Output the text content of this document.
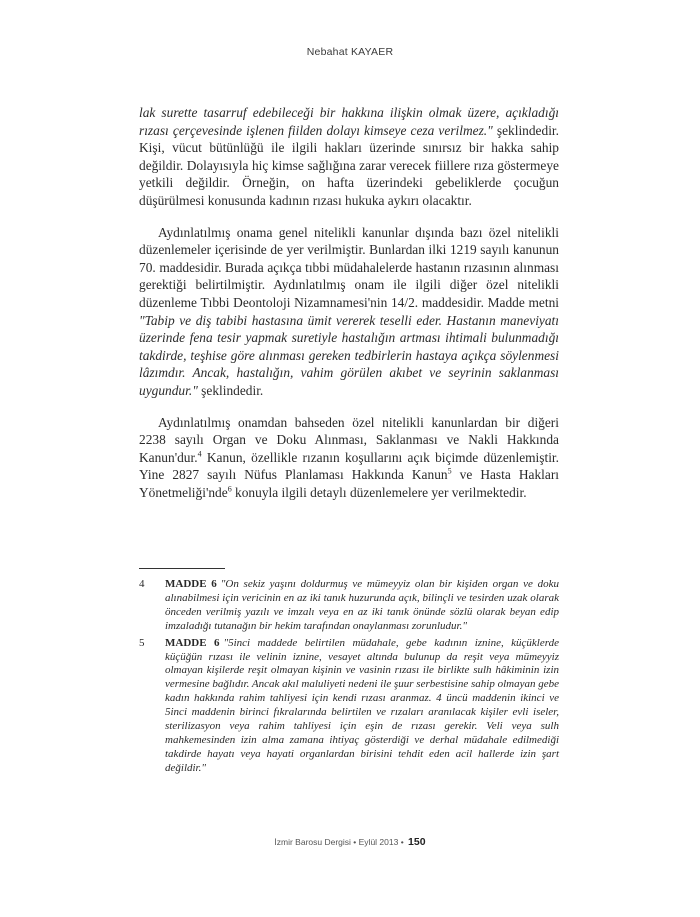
Nebahat KAYAER

lak surette tasarruf edebileceği bir hakkına ilişkin olmak üzere, açıkladığı rızası çerçevesinde işlenen fiilden dolayı kimseye ceza verilmez." şeklindedir. Kişi, vücut bütünlüğü ile ilgili hakları üzerinde sınırsız bir hakka sahip değildir. Dolayısıyla hiç kimse sağlığına zarar verecek fiillere rıza göstermeye yetkili değildir. Örneğin, on hafta üzerindeki gebeliklerde çocuğun düşürülmesi konusunda kadının rızası hukuka aykırı olacaktır.

Aydınlatılmış onama genel nitelikli kanunlar dışında bazı özel nitelikli düzenlemeler içerisinde de yer verilmiştir. Bunlardan ilki 1219 sayılı kanunun 70. maddesidir. Burada açıkça tıbbi müdahalelerde hastanın rızasının alınması gerektiği belirtilmiştir. Aydınlatılmış onam ile ilgili diğer özel nitelikli düzenleme Tıbbi Deontoloji Nizamnamesi'nin 14/2. maddesidir. Madde metni "Tabip ve diş tabibi hastasına ümit vererek teselli eder. Hastanın maneviyatı üzerinde fena tesir yapmak suretiyle hastalığın artması ihtimali bulunmadığı takdirde, teşhise göre alınması gereken tedbirlerin hastaya açıkça söylenmesi lâzımdır. Ancak, hastalığın, vahim görülen akıbet ve seyrinin saklanması uygundur." şeklindedir.

Aydınlatılmış onamdan bahseden özel nitelikli kanunlardan bir diğeri 2238 sayılı Organ ve Doku Alınması, Saklanması ve Nakli Hakkında Kanun'dur.$^4$ Kanun, özellikle rızanın koşullarını açık biçimde düzenlemiştir. Yine 2827 sayılı Nüfus Planlaması Hakkında Kanun$^5$ ve Hasta Hakları Yönetmeliği'nde$^6$ konuyla ilgili detaylı düzenlemelere yer verilmektedir.

4	MADDE 6 "On sekiz yaşını doldurmuş ve mümeyyiz olan bir kişiden organ ve doku alınabilmesi için vericinin en az iki tanık huzurunda açık, bilinçli ve tesirden uzak olarak önceden verilmiş yazılı ve imzalı veya en az iki tanık önünde sözlü olarak beyan edip imzaladığı tutanağın bir hekim tarafından onaylanması zorunludur."
5	MADDE 6 "5inci maddede belirtilen müdahale, gebe kadının iznine, küçüklerde küçüğün rızası ile velinin iznine, vesayet altında bulunup da reşit veya mümeyyiz olmayan kişilerde reşit olmayan kişinin ve vasinin rızası ile birlikte sulh hâkiminin izin vermesine bağlıdır. Ancak akıl maluliyeti nedeni ile şuur serbestisine sahip olmayan gebe kadın hakkında rahim tahliyesi için kendi rızası aranmaz. 4 üncü maddenin ikinci ve 5inci maddenin birinci fıkralarında belirtilen ve rızaları aranılacak kişiler evli iseler, sterilizasyon veya rahim tahliyesi için eşin de rızası gerekir. Veli veya sulh mahkemesinden izin alma zamana ihtiyaç gösterdiği ve derhal müdahale edilmediği takdirde hayatı veya hayati organlardan birisini tehdit eden acil hallerde izin şart değildir."
İzmir Barosu Dergisi • Eylül 2013 • 150
